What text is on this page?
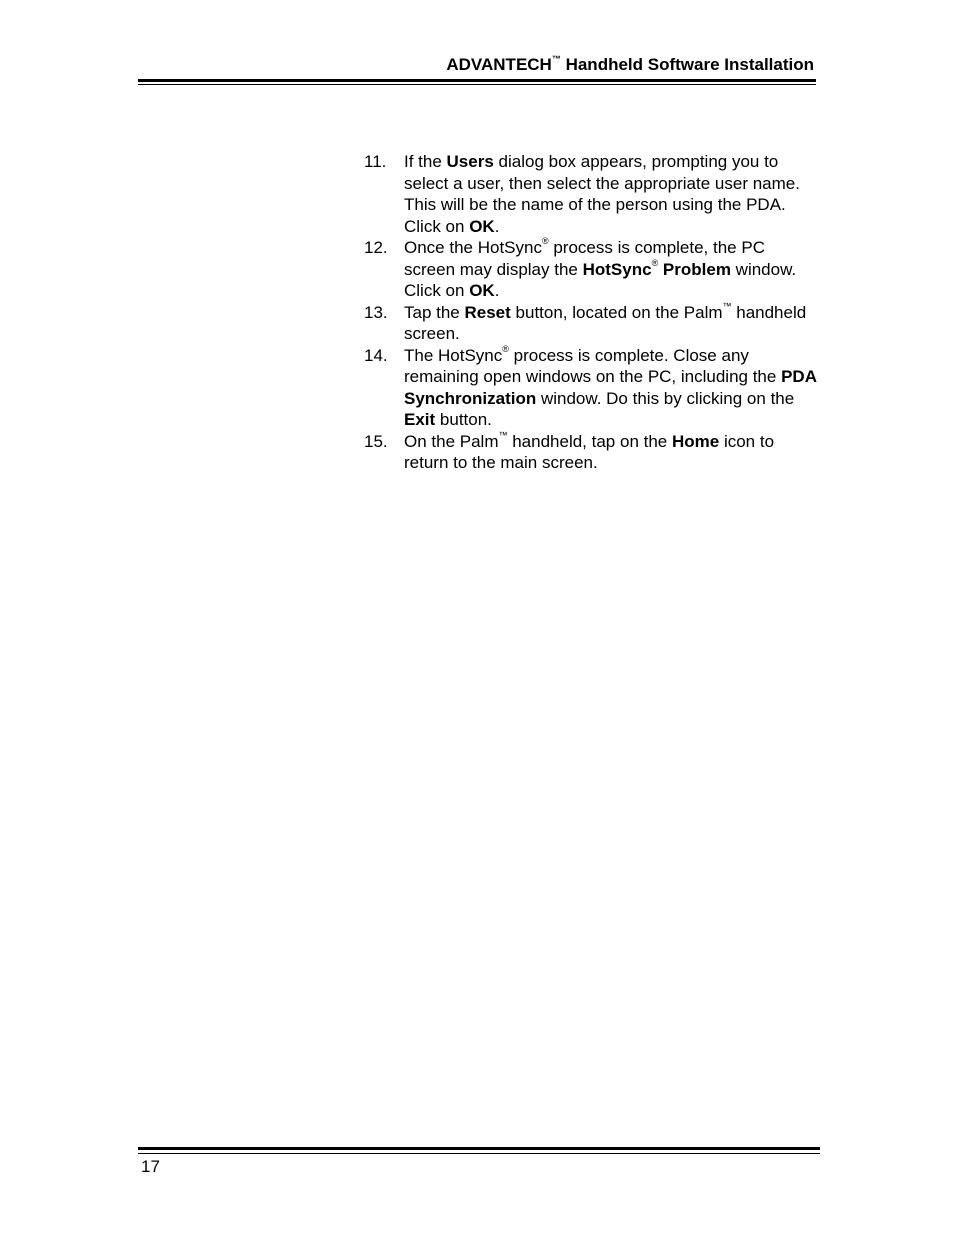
ADVANTECH™ Handheld Software Installation
11. If the Users dialog box appears, prompting you to select a user, then select the appropriate user name. This will be the name of the person using the PDA. Click on OK.
12. Once the HotSync® process is complete, the PC screen may display the HotSync® Problem window. Click on OK.
13. Tap the Reset button, located on the Palm™ handheld screen.
14. The HotSync® process is complete. Close any remaining open windows on the PC, including the PDA Synchronization window. Do this by clicking on the Exit button.
15. On the Palm™ handheld, tap on the Home icon to return to the main screen.
17
